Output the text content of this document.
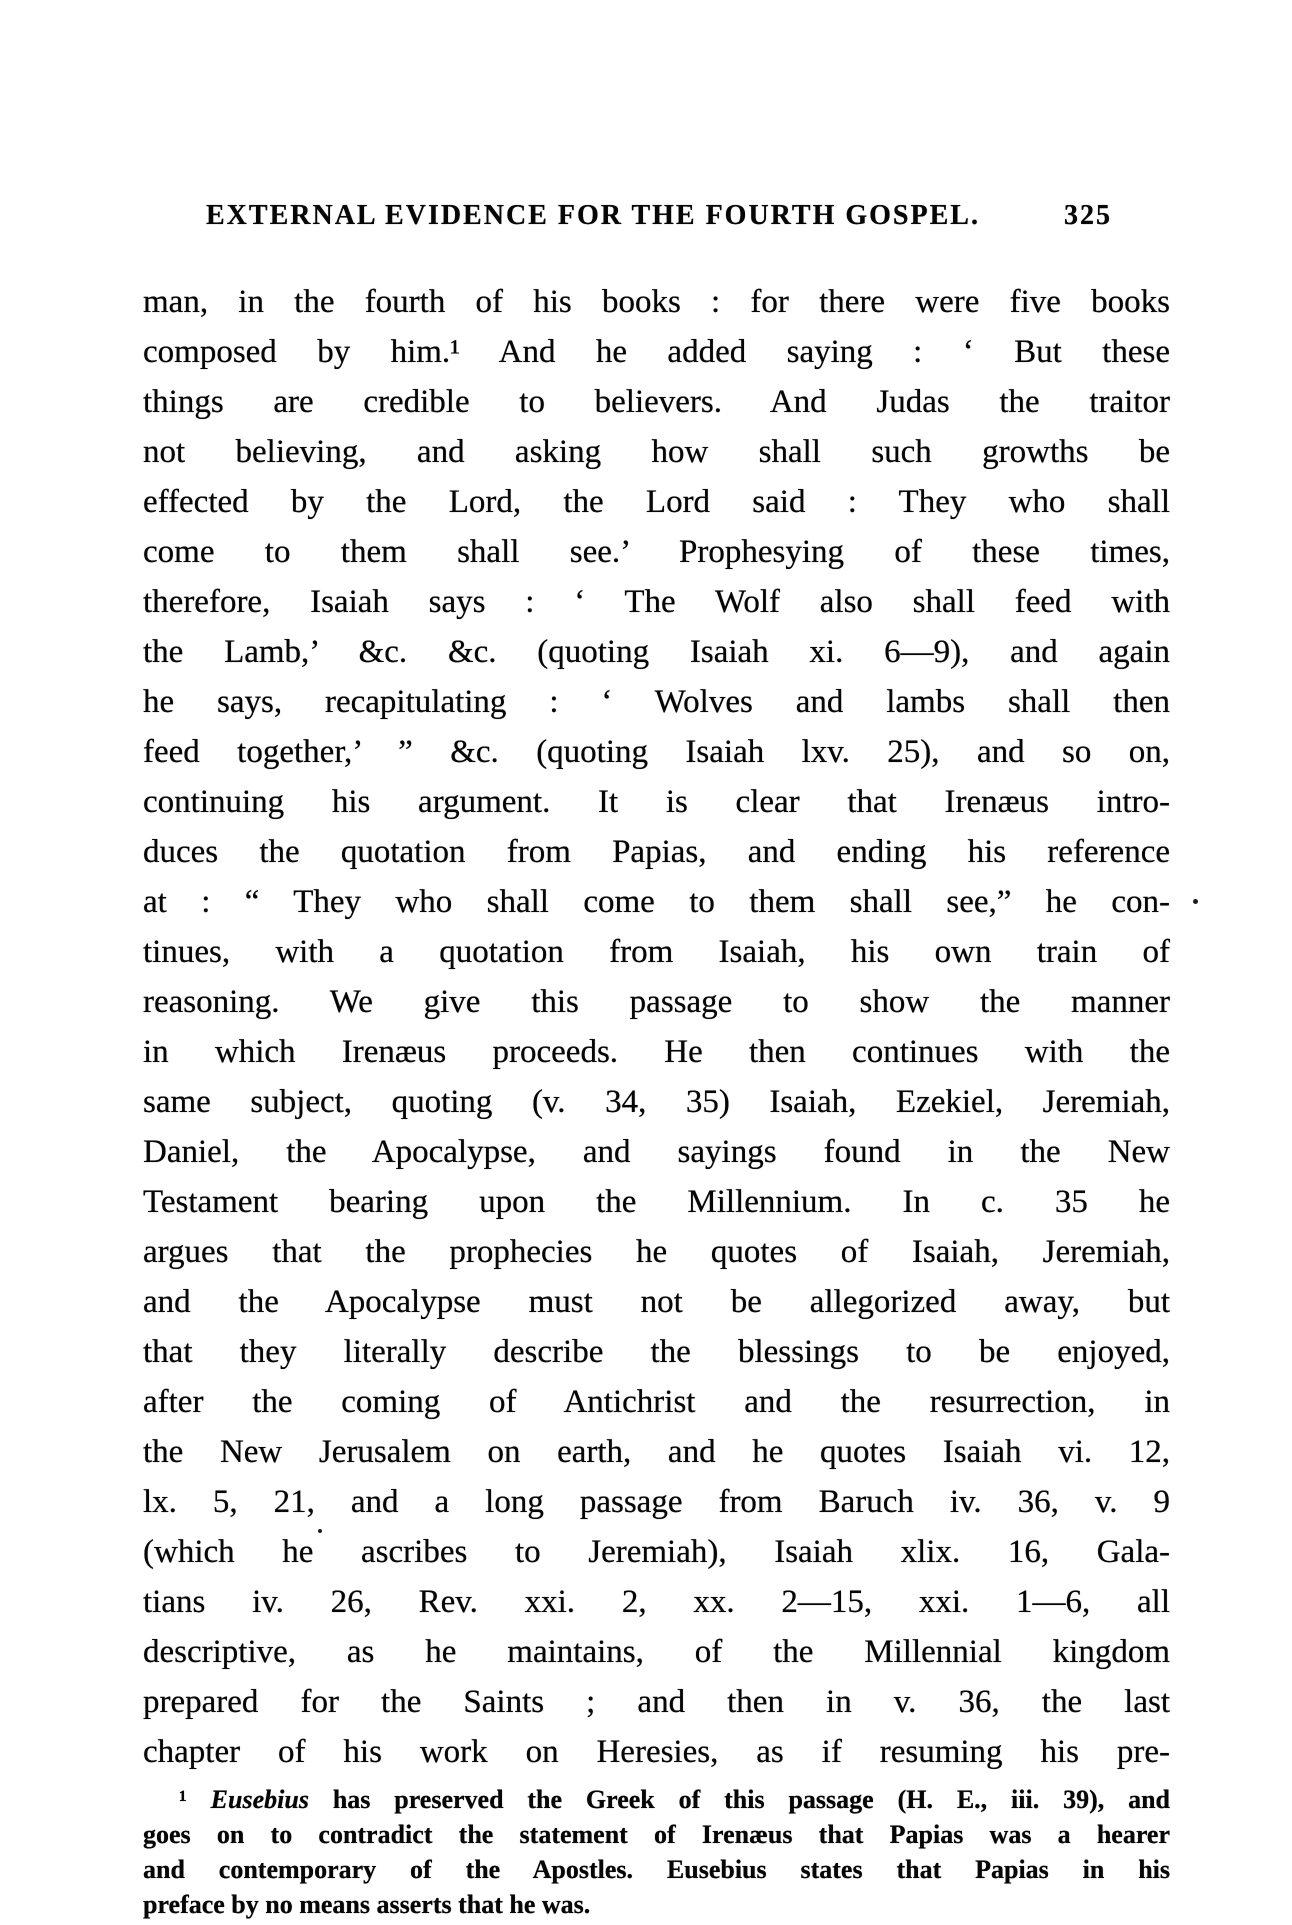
EXTERNAL EVIDENCE FOR THE FOURTH GOSPEL.	325
man, in the fourth of his books : for there were five books
composed by him.¹ And he added saying : ‘ But these
things are credible to believers. And Judas the traitor
not believing, and asking how shall such growths be
effected by the Lord, the Lord said : They who shall
come to them shall see.’ Prophesying of these times,
therefore, Isaiah says : ‘ The Wolf also shall feed with
the Lamb,’ &c. &c. (quoting Isaiah xi. 6—9), and again
he says, recapitulating : ‘ Wolves and lambs shall then
feed together,’ ” &c. (quoting Isaiah lxv. 25), and so on,
continuing his argument. It is clear that Irenæus intro-
duces the quotation from Papias, and ending his reference
at : “ They who shall come to them shall see,” he con-
tinues, with a quotation from Isaiah, his own train of
reasoning. We give this passage to show the manner
in which Irenæus proceeds. He then continues with the
same subject, quoting (v. 34, 35) Isaiah, Ezekiel, Jeremiah,
Daniel, the Apocalypse, and sayings found in the New
Testament bearing upon the Millennium. In c. 35 he
argues that the prophecies he quotes of Isaiah, Jeremiah,
and the Apocalypse must not be allegorized away, but
that they literally describe the blessings to be enjoyed,
after the coming of Antichrist and the resurrection, in
the New Jerusalem on earth, and he quotes Isaiah vi. 12,
lx. 5, 21, and a long passage from Baruch iv. 36, v. 9
(which he ascribes to Jeremiah), Isaiah xlix. 16, Gala-
tians iv. 26, Rev. xxi. 2, xx. 2—15, xxi. 1—6, all
descriptive, as he maintains, of the Millennial kingdom
prepared for the Saints ; and then in v. 36, the last
chapter of his work on Heresies, as if resuming his pre-
¹ Eusebius has preserved the Greek of this passage (H. E., iii. 39), and
goes on to contradict the statement of Irenæus that Papias was a hearer
and contemporary of the Apostles. Eusebius states that Papias in his
preface by no means asserts that he was.
